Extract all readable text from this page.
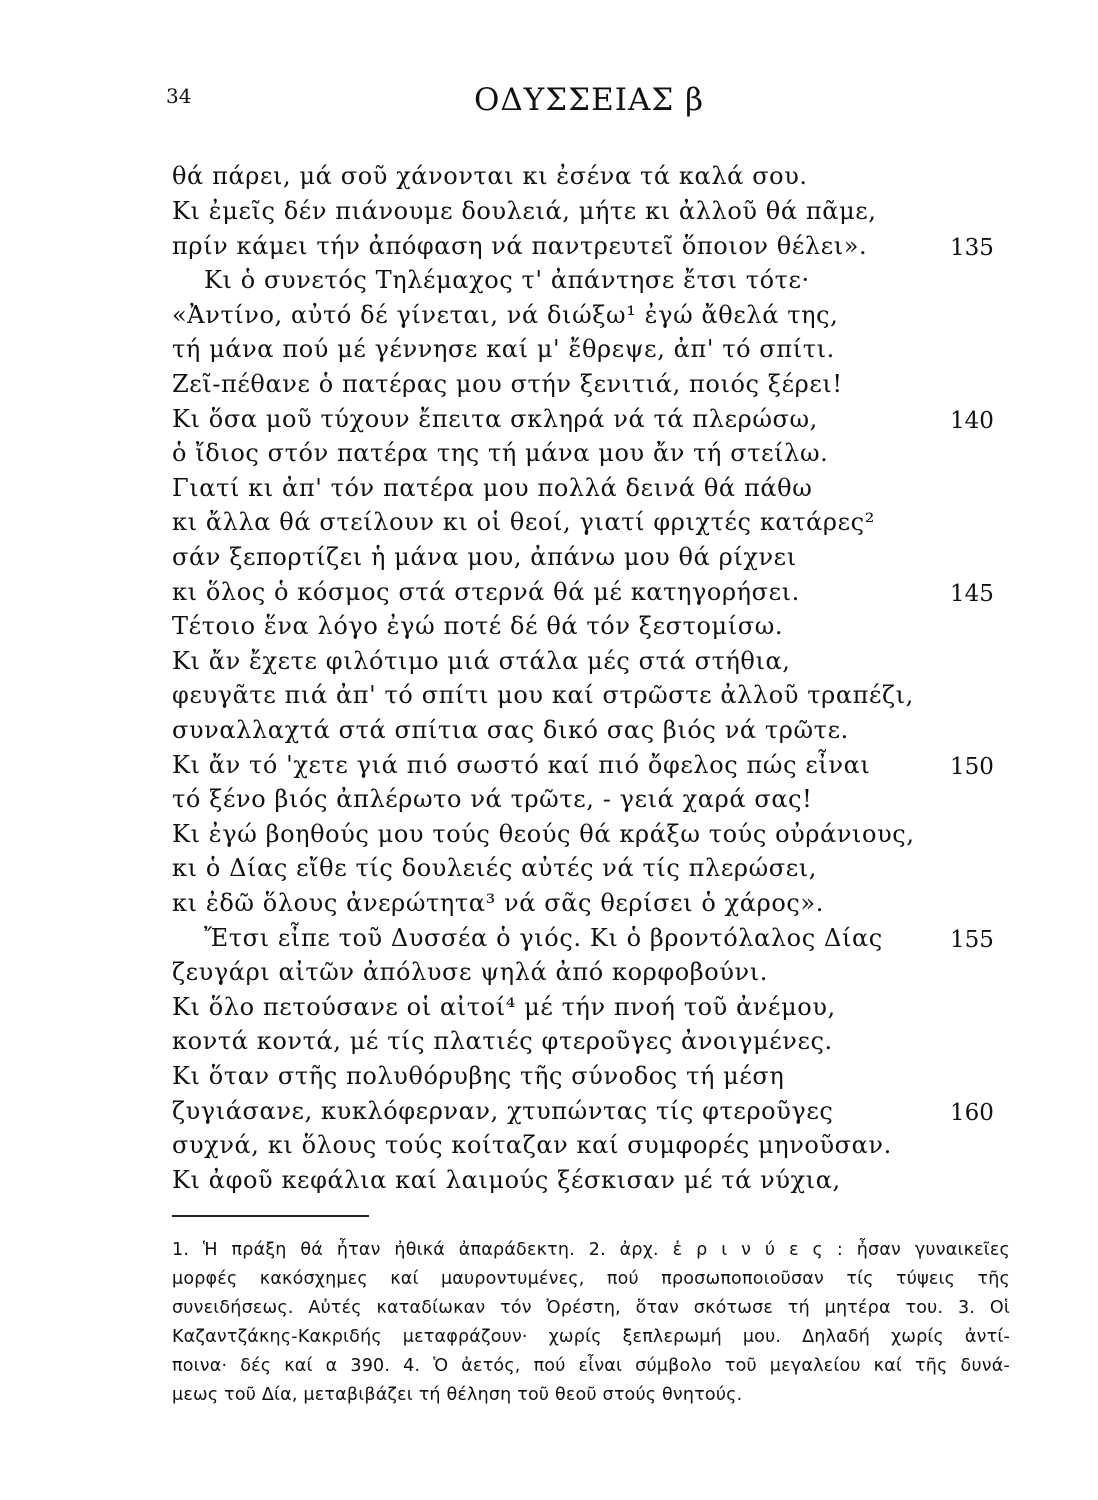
34	ΟΔΥΣΣΕΙΑΣ β
θά πάρει, μά σοῦ χάνονται κι ἐσένα τά καλά σου.
Κι ἐμεῖς δέν πιάνουμε δουλειά, μήτε κι ἀλλοῦ θά πᾶμε,
πρίν κάμει τήν ἀπόφαση νά παντρευτεῖ ὅποιον θέλει».	135
Κι ὁ συνετός Τηλέμαχος τ' ἀπάντησε ἔτσι τότε·
«Ἀντίνο, αὐτό δέ γίνεται, νά διώξω¹ ἐγώ ἄθελά της,
τή μάνα πού μέ γέννησε καί μ' ἔθρεψε, ἀπ' τό σπίτι.
Ζεῖ-πέθανε ὁ πατέρας μου στήν ξενιτιά, ποιός ξέρει!
Κι ὅσα μοῦ τύχουν ἔπειτα σκληρά νά τά πλερώσω,	140
ὁ ἴδιος στόν πατέρα της τή μάνα μου ἄν τή στείλω.
Γιατί κι ἀπ' τόν πατέρα μου πολλά δεινά θά πάθω
κι ἄλλα θά στείλουν κι οἱ θεοί, γιατί φριχτές κατάρες²
σάν ξεπορτίζει ἡ μάνα μου, ἀπάνω μου θά ρίχνει
κι ὅλος ὁ κόσμος στά στερνά θά μέ κατηγορήσει.	145
Τέτοιο ἕνα λόγο ἐγώ ποτέ δέ θά τόν ξεστομίσω.
Κι ἄν ἔχετε φιλότιμο μιά στάλα μές στά στήθια,
φευγᾶτε πιά ἀπ' τό σπίτι μου καί στρῶστε ἀλλοῦ τραπέζι,
συναλλαχτά στά σπίτια σας δικό σας βιός νά τρῶτε.
Κι ἄν τό 'χετε γιά πιό σωστό καί πιό ὄφελος πώς εἶναι	150
τό ξένο βιός ἀπλέρωτο νά τρῶτε, - γειά χαρά σας!
Κι ἐγώ βοηθούς μου τούς θεούς θά κράξω τούς οὐράνιους,
κι ὁ Δίας εἴθε τίς δουλειές αὐτές νά τίς πλερώσει,
κι ἐδῶ ὅλους ἀνερώτητα³ νά σᾶς θερίσει ὁ χάρος».
Ἔτσι εἶπε τοῦ Δυσσέα ὁ γιός. Κι ὁ βροντόλαλος Δίας	155
ζευγάρι αἰτῶν ἀπόλυσε ψηλά ἀπό κορφοβούνι.
Κι ὅλο πετούσανε οἱ αἰτοί⁴ μέ τήν πνοή τοῦ ἀνέμου,
κοντά κοντά, μέ τίς πλατιές φτεροῦγες ἀνοιγμένες.
Κι ὅταν στῆς πολυθόρυβης τῆς σύνοδος τή μέση
ζυγιάσανε, κυκλόφερναν, χτυπώντας τίς φτεροῦγες	160
συχνά, κι ὅλους τούς κοίταζαν καί συμφορές μηνοῦσαν.
Κι ἀφοῦ κεφάλια καί λαιμούς ξέσκισαν μέ τά νύχια,
1. Ἡ πράξη θά ἦταν ἠθικά ἀπαράδεκτη. 2. ἀρχ. ἐ ρ ι ν ύ ε ς : ἦσαν γυναικεῖες
μορφές κακόσχημες καί μαυροντυμένες, πού προσωποποιοῦσαν τίς τύψεις τῆς
συνειδήσεως. Αὐτές καταδίωκαν τόν Ὀρέστη, ὅταν σκότωσε τή μητέρα του. 3. Οἱ
Καζαντζάκης-Κακριδής μεταφράζουν· χωρίς ξεπλερωμή μου. Δηλαδή χωρίς ἀντί-
ποινα· δές καί α 390. 4. Ὁ ἀετός, πού εἶναι σύμβολο τοῦ μεγαλείου καί τῆς δυνά-
μεως τοῦ Δία, μεταβιβάζει τή θέληση τοῦ θεοῦ στούς θνητούς.
